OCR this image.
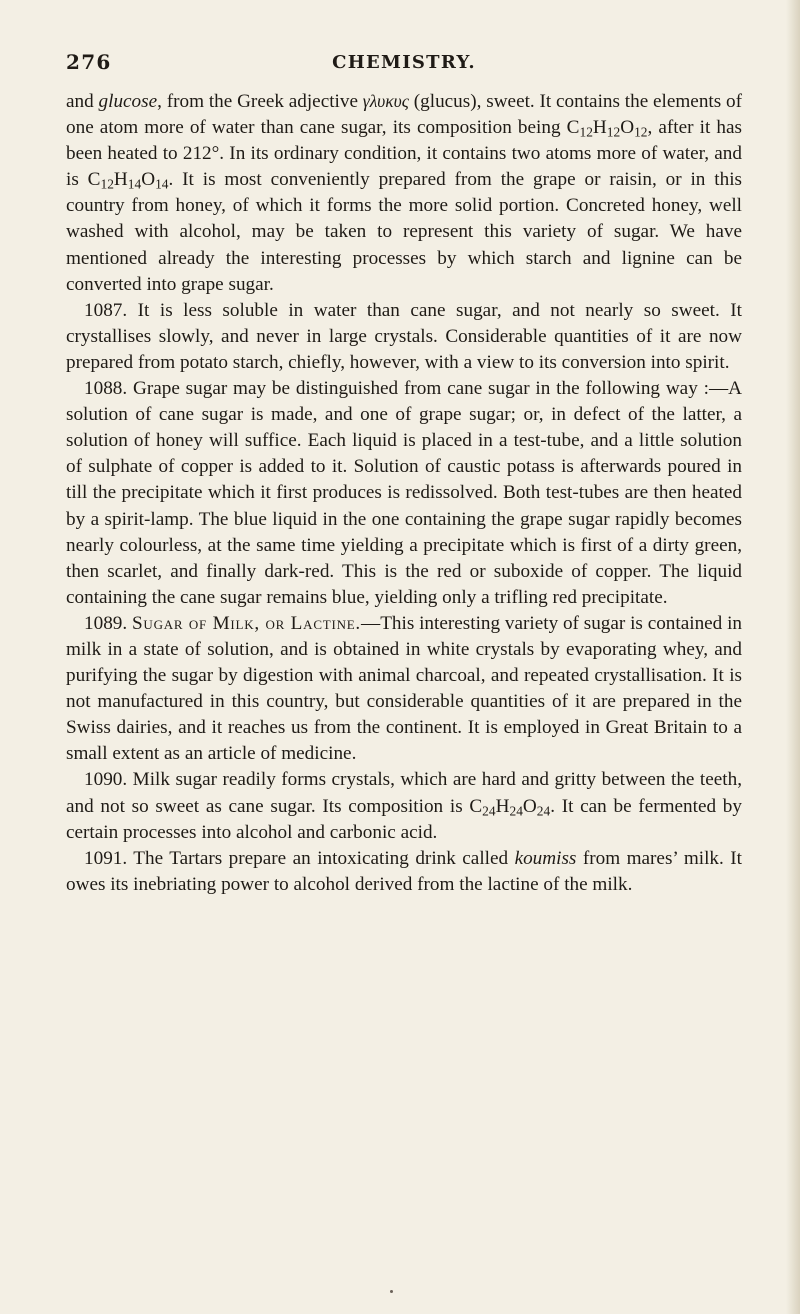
276	CHEMISTRY.

and glucose, from the Greek adjective γλυκυς (glucus), sweet. It contains the elements of one atom more of water than cane sugar, its composition being $C_{12}H_{12}O_{12}$, after it has been heated to 212°. In its ordinary condition, it contains two atoms more of water, and is $C_{12}H_{14}O_{14}$. It is most conveniently prepared from the grape or raisin, or in this country from honey, of which it forms the more solid portion. Concreted honey, well washed with alcohol, may be taken to represent this variety of sugar. We have mentioned already the interesting processes by which starch and lignine can be converted into grape sugar.

1087. It is less soluble in water than cane sugar, and not nearly so sweet. It crystallises slowly, and never in large crystals. Considerable quantities of it are now prepared from potato starch, chiefly, however, with a view to its conversion into spirit.

1088. Grape sugar may be distinguished from cane sugar in the following way :—A solution of cane sugar is made, and one of grape sugar; or, in defect of the latter, a solution of honey will suffice. Each liquid is placed in a test-tube, and a little solution of sulphate of copper is added to it. Solution of caustic potass is afterwards poured in till the precipitate which it first produces is redissolved. Both test-tubes are then heated by a spirit-lamp. The blue liquid in the one containing the grape sugar rapidly becomes nearly colourless, at the same time yielding a precipitate which is first of a dirty green, then scarlet, and finally dark-red. This is the red or suboxide of copper. The liquid containing the cane sugar remains blue, yielding only a trifling red precipitate.

1089. Sugar of Milk, or Lactine.—This interesting variety of sugar is contained in milk in a state of solution, and is obtained in white crystals by evaporating whey, and purifying the sugar by digestion with animal charcoal, and repeated crystallisation. It is not manufactured in this country, but considerable quantities of it are prepared in the Swiss dairies, and it reaches us from the continent. It is employed in Great Britain to a small extent as an article of medicine.

1090. Milk sugar readily forms crystals, which are hard and gritty between the teeth, and not so sweet as cane sugar. Its composition is $C_{24}H_{24}O_{24}$. It can be fermented by certain processes into alcohol and carbonic acid.

1091. The Tartars prepare an intoxicating drink called koumiss from mares’ milk. It owes its inebriating power to alcohol derived from the lactine of the milk.
